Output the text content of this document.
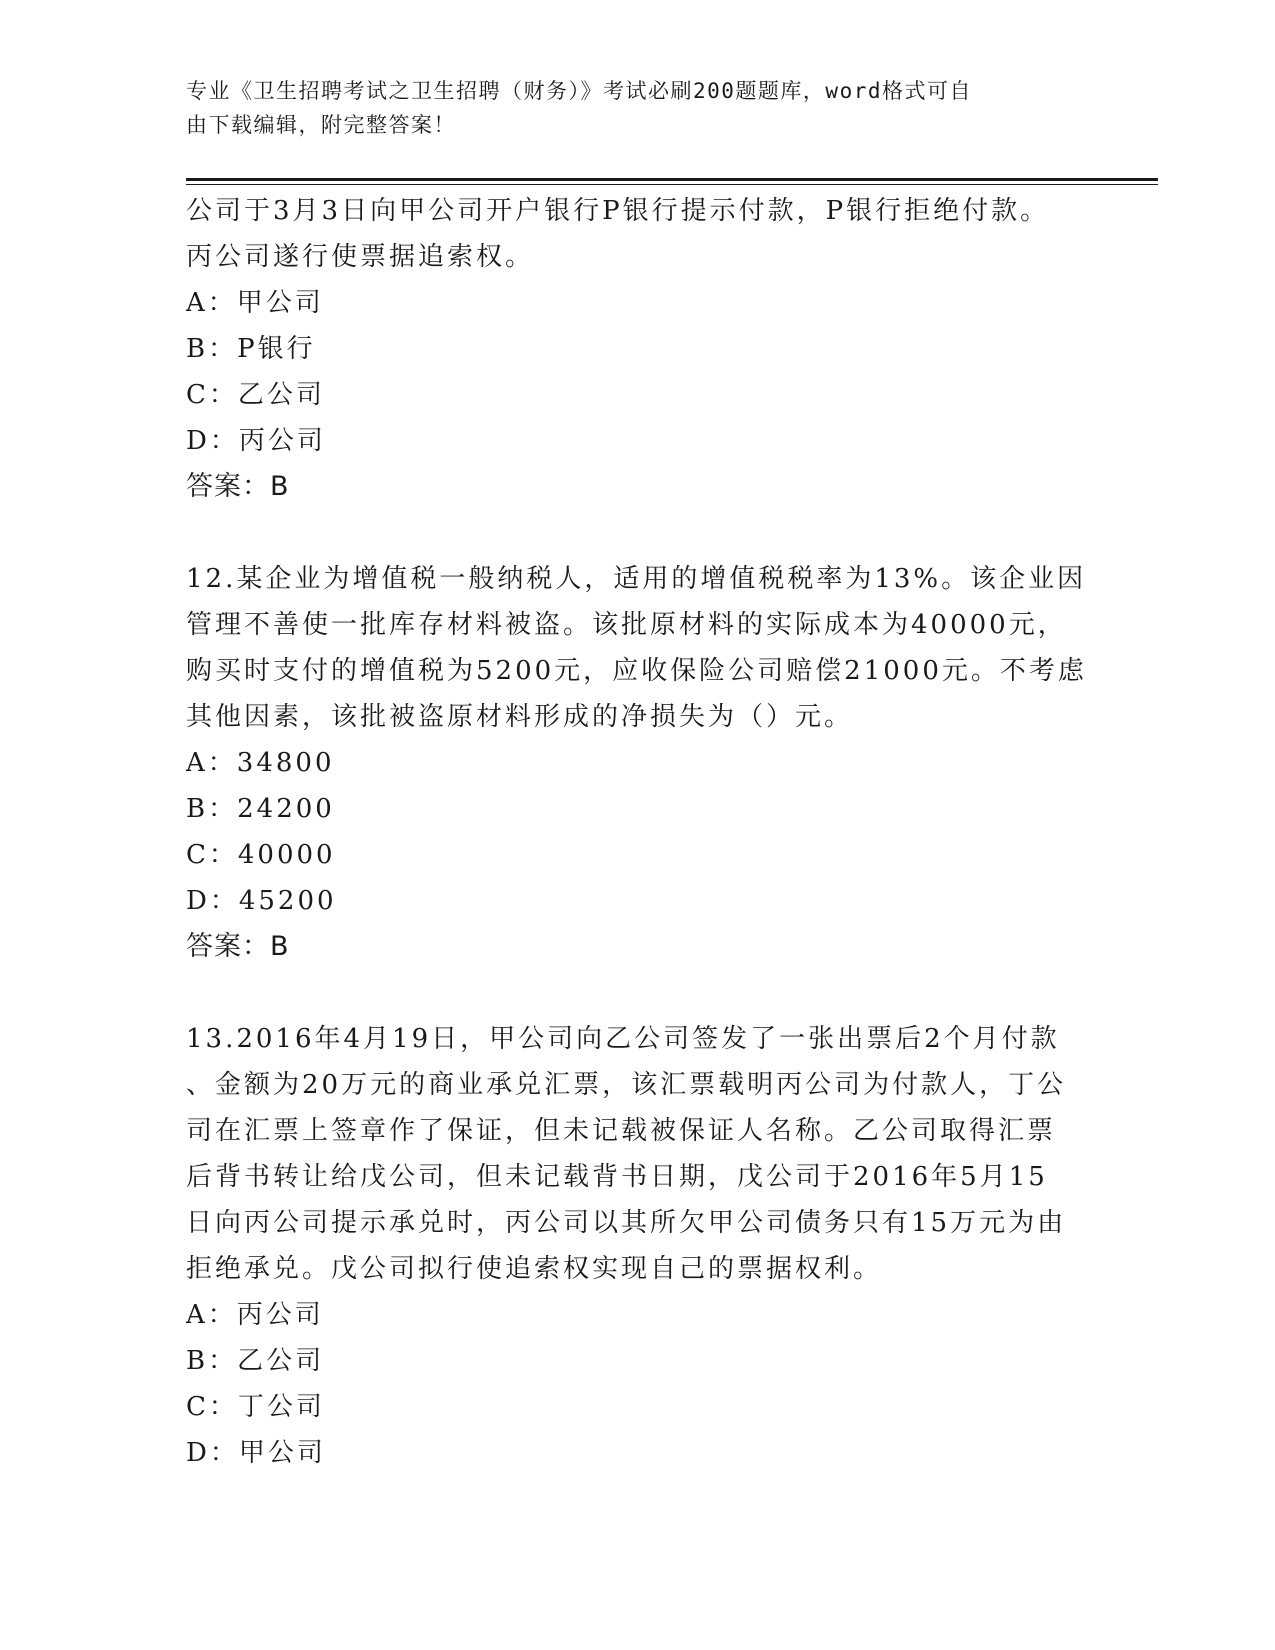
专业《卫生招聘考试之卫生招聘（财务）》考试必刷200题题库，word格式可自
由下载编辑，附完整答案！
公司于3月3日向甲公司开户银行P银行提示付款，P银行拒绝付款。
丙公司遂行使票据追索权。
A：甲公司
B：P银行
C：乙公司
D：丙公司
答案：B
12.某企业为增值税一般纳税人，适用的增值税税率为13%。该企业因
管理不善使一批库存材料被盗。该批原材料的实际成本为40000元，
购买时支付的增值税为5200元，应收保险公司赔偿21000元。不考虑
其他因素，该批被盗原材料形成的净损失为（）元。
A：34800
B：24200
C：40000
D：45200
答案：B
13.2016年4月19日，甲公司向乙公司签发了一张出票后2个月付款
、金额为20万元的商业承兑汇票，该汇票载明丙公司为付款人，丁公
司在汇票上签章作了保证，但未记载被保证人名称。乙公司取得汇票
后背书转让给戊公司，但未记载背书日期，戊公司于2016年5月15
日向丙公司提示承兑时，丙公司以其所欠甲公司债务只有15万元为由
拒绝承兑。戊公司拟行使追索权实现自己的票据权利。
A：丙公司
B：乙公司
C：丁公司
D：甲公司
